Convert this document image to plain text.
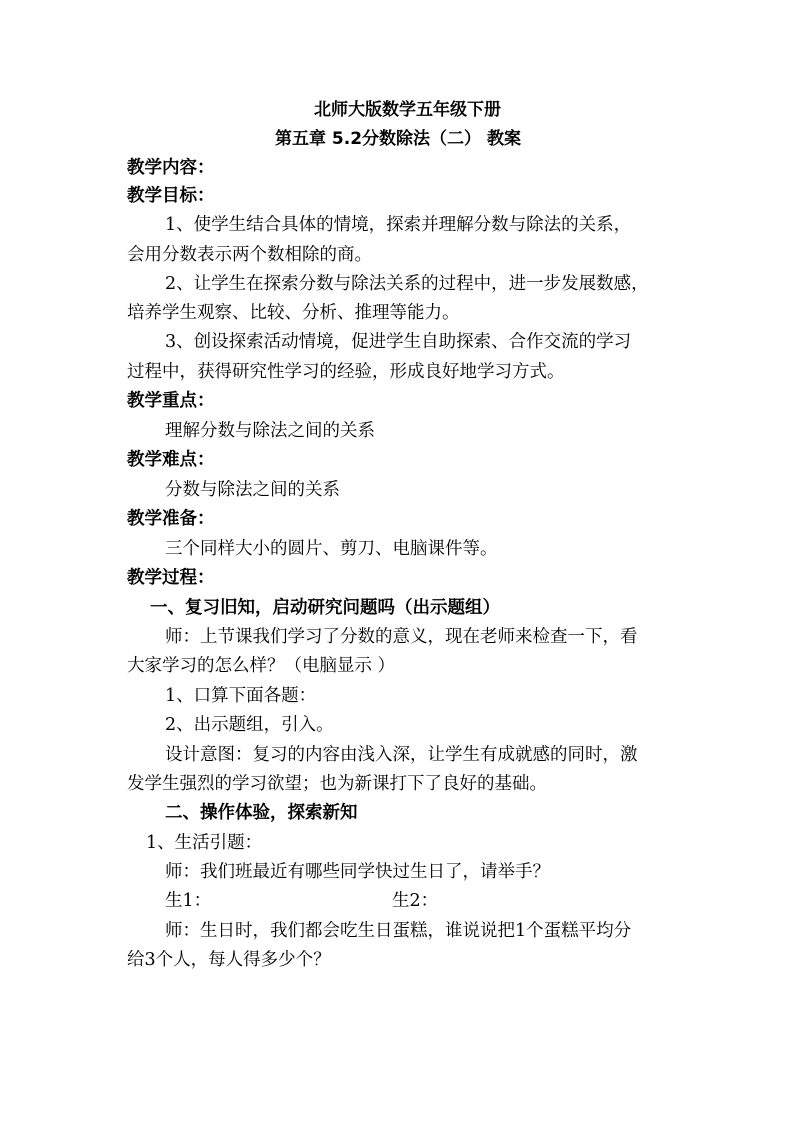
北师大版数学五年级下册
第五章 5.2分数除法（二） 教案
教学内容：
教学目标：
1、使学生结合具体的情境，探索并理解分数与除法的关系，
会用分数表示两个数相除的商。
2、让学生在探索分数与除法关系的过程中，进一步发展数感，
培养学生观察、比较、分析、推理等能力。
3、创设探索活动情境，促进学生自助探索、合作交流的学习
过程中，获得研究性学习的经验，形成良好地学习方式。
教学重点：
理解分数与除法之间的关系
教学难点：
分数与除法之间的关系
教学准备：
三个同样大小的圆片、剪刀、电脑课件等。
教学过程：
一、复习旧知，启动研究问题吗（出示题组）
师：上节课我们学习了分数的意义，现在老师来检查一下，看
大家学习的怎么样？（电脑显示 ）
1、口算下面各题：
2、出示题组，引入。
设计意图：复习的内容由浅入深，让学生有成就感的同时，激
发学生强烈的学习欲望；也为新课打下了良好的基础。
二、操作体验，探索新知
1、生活引题：
师：我们班最近有哪些同学快过生日了，请举手？
生1：	生2：
师：生日时，我们都会吃生日蛋糕，谁说说把1个蛋糕平均分
给3个人，每人得多少个？
